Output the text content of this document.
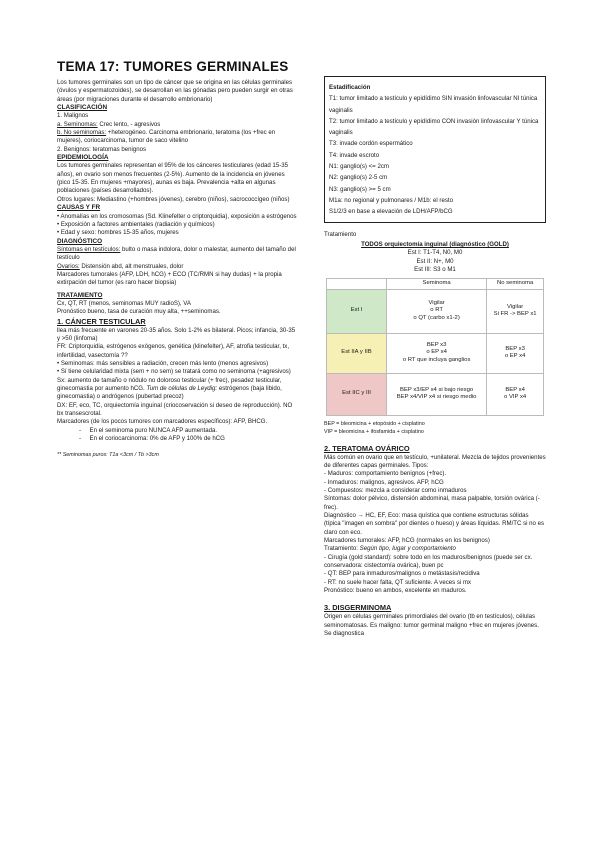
TEMA 17: TUMORES GERMINALES
Los tumores germinales son un tipo de cáncer que se origina en las células germinales (óvulos y espermatozoides), se desarrollan en las gónadas pero pueden surgir en otras áreas (por migraciones durante el desarrollo embrionario)
CLASIFICACIÓN
1. Malignos
a. Seminomas: Crec lento, - agresivos
b. No seminomas: +heterogéneo. Carcinoma embrionario, teratoma (los +frec en mujeres), coriocarcinoma, tumor de saco vitelino
2. Benignos: teratomas benignos
EPIDEMIOLOGÍA
Los tumores germinales representan el 95% de los cánceres testiculares (edad 15-35 años), en ovario son menos frecuentes (2-5%). Aumento de la incidencia en jóvenes (pico 15-35. En mujeres +mayores), aunas es baja. Prevalencia +alta en algunas poblaciones (países desarrollados).
Otros lugares: Mediastino (+hombres jóvenes), cerebro (niños), sacrococcígeo (niños)
CAUSAS Y FR
• Anomalías en los cromosomas (Sd. Klinefelter o criptorquidia), exposición a estrógenos
• Exposición a factores ambientales (radiación y químicos)
• Edad y sexo: hombres 15-35 años, mujeres
DIAGNÓSTICO
Síntomas en testículos: bulto o masa indolora, dolor o malestar, aumento del tamaño del testículo
Ovarios: Distensión abd, alt menstruales, dolor
Marcadores tumorales (AFP, LDH, hCG) + ECO (TC/RMN si hay dudas) + la propia extirpación del tumor (es raro hacer biopsia)
TRATAMIENTO
Cx, QT, RT (menos, seminomas MUY radioS), VA
Pronóstico bueno, tasa de curación muy alta, ++seminomas.
1. CÁNCER TESTICULAR
llea más frecuente en varones 20-35 años. Solo 1-2% es bilateral. Picos; infancia, 30-35 y >50 (linfoma)
FR: Criptorquidia, estrógenos exógenos, genética (klinefelter), AF, atrofia testicular, tx, infertilidad, vasectomía ??
• Seminomas: más sensibles a radiación, crecen más lento (menos agresivos)
• Sí tiene celularidad mixta (sem + no sem) se tratará como no seminoma (+agresivos)
Sx: aumento de tamaño o nódulo no doloroso testicular (+ frec), pesadez testicular, ginecomastia por aumento hCG. Tum de células de Leydig: estrógenos (baja libido, ginecomastia) o andrógenos (pubertad precoz)
DX: EF, eco, TC, orquiectomía inguinal (criocoservación si deseo de reproducción). NO bx transescrotal.
Marcadores (de los pocos tumores con marcadores específicos): AFP, BHCG.
-     En el seminoma puro NUNCA AFP aumentada.
-     En el coriocarcinoma: 0% de AFP y 100% de hCG
** Seminomas puros: T1a <3cm / Tb >3cm
Estadificación
T1: tumor limitado a testículo y epidídimo SIN invasión linfovascular NI túnica vaginalis
T2: tumor limitado a testículo y epidídimo CON invasión linfovascular Y túnica vaginalis
T3: invade cordón espermático
T4: invade escroto
N1: ganglio(s) <= 2cm
N2: ganglio(s) 2-5 cm
N3: ganglio(s) >= 5 cm
M1a: no regional y pulmonares / M1b: el resto
S1/2/3 en base a elevación de LDH/AFP/bCG
Tratamiento
TODOS orquiectomía inguinal (diagnóstico (GOLD)
Est I: T1-T4, N0, M0
Est II: N+, M0
Est III: S3 o M1
	Seminoma	No seminoma
Est I	Vigilar
o RT
o QT (carbo x1-2)	Vigilar
Si FR -> BEP x1
Est IIA y IIB	BEP x3
o EP x4
o RT que incluya ganglios	BEP x3
o EP x4
Est IIC y III	BEP x3/EP x4 si bajo riesgo
BEP x4/VIP x4 si riesgo medio	BEP x4
o VIP x4
BEP = bleomicina + etopósido + cisplatino
VIP = bleomicina + ifosfamida + cisplatino
2. TERATOMA OVÁRICO
Más común en ovario que en testículo, +unilateral. Mezcla de tejidos provenientes de diferentes capas germinales. Tipos:
- Maduros: comportamiento benignos (+frec).
- Inmaduros: malignos, agresivos. AFP, hCG
- Compuestos: mezcla a considerar como inmaduros
Síntomas: dolor pélvico, distensión abdominal, masa palpable, torsión ovárica (-frec).
Diagnóstico → HC, EF, Eco: masa quística que contiene estructuras sólidas (típica "imagen en sombra" por dientes o hueso) y áreas líquidas. RM/TC si no es claro con eco.
Marcadores tumorales: AFP, hCG (normales en los benignos)
Tratamiento: Según tipo, lugar y comportamiento
- Cirugía (gold standard): sobre todo en los maduros/benignos (puede ser cx. conservadora: cistectomía ovárica), buen pc
- QT: BEP para inmaduros/malignos o metástasis/recidiva
- RT: no suele hacer falta, QT suficiente. A veces si mx
Pronóstico: bueno en ambos, excelente en maduros.
3. DISGERMINOMA
Origen en células germinales primordiales del ovario (tb en testículos), células seminomatosas. Es maligno: tumor germinal maligno +frec en mujeres jóvenes. Se diagnostica
